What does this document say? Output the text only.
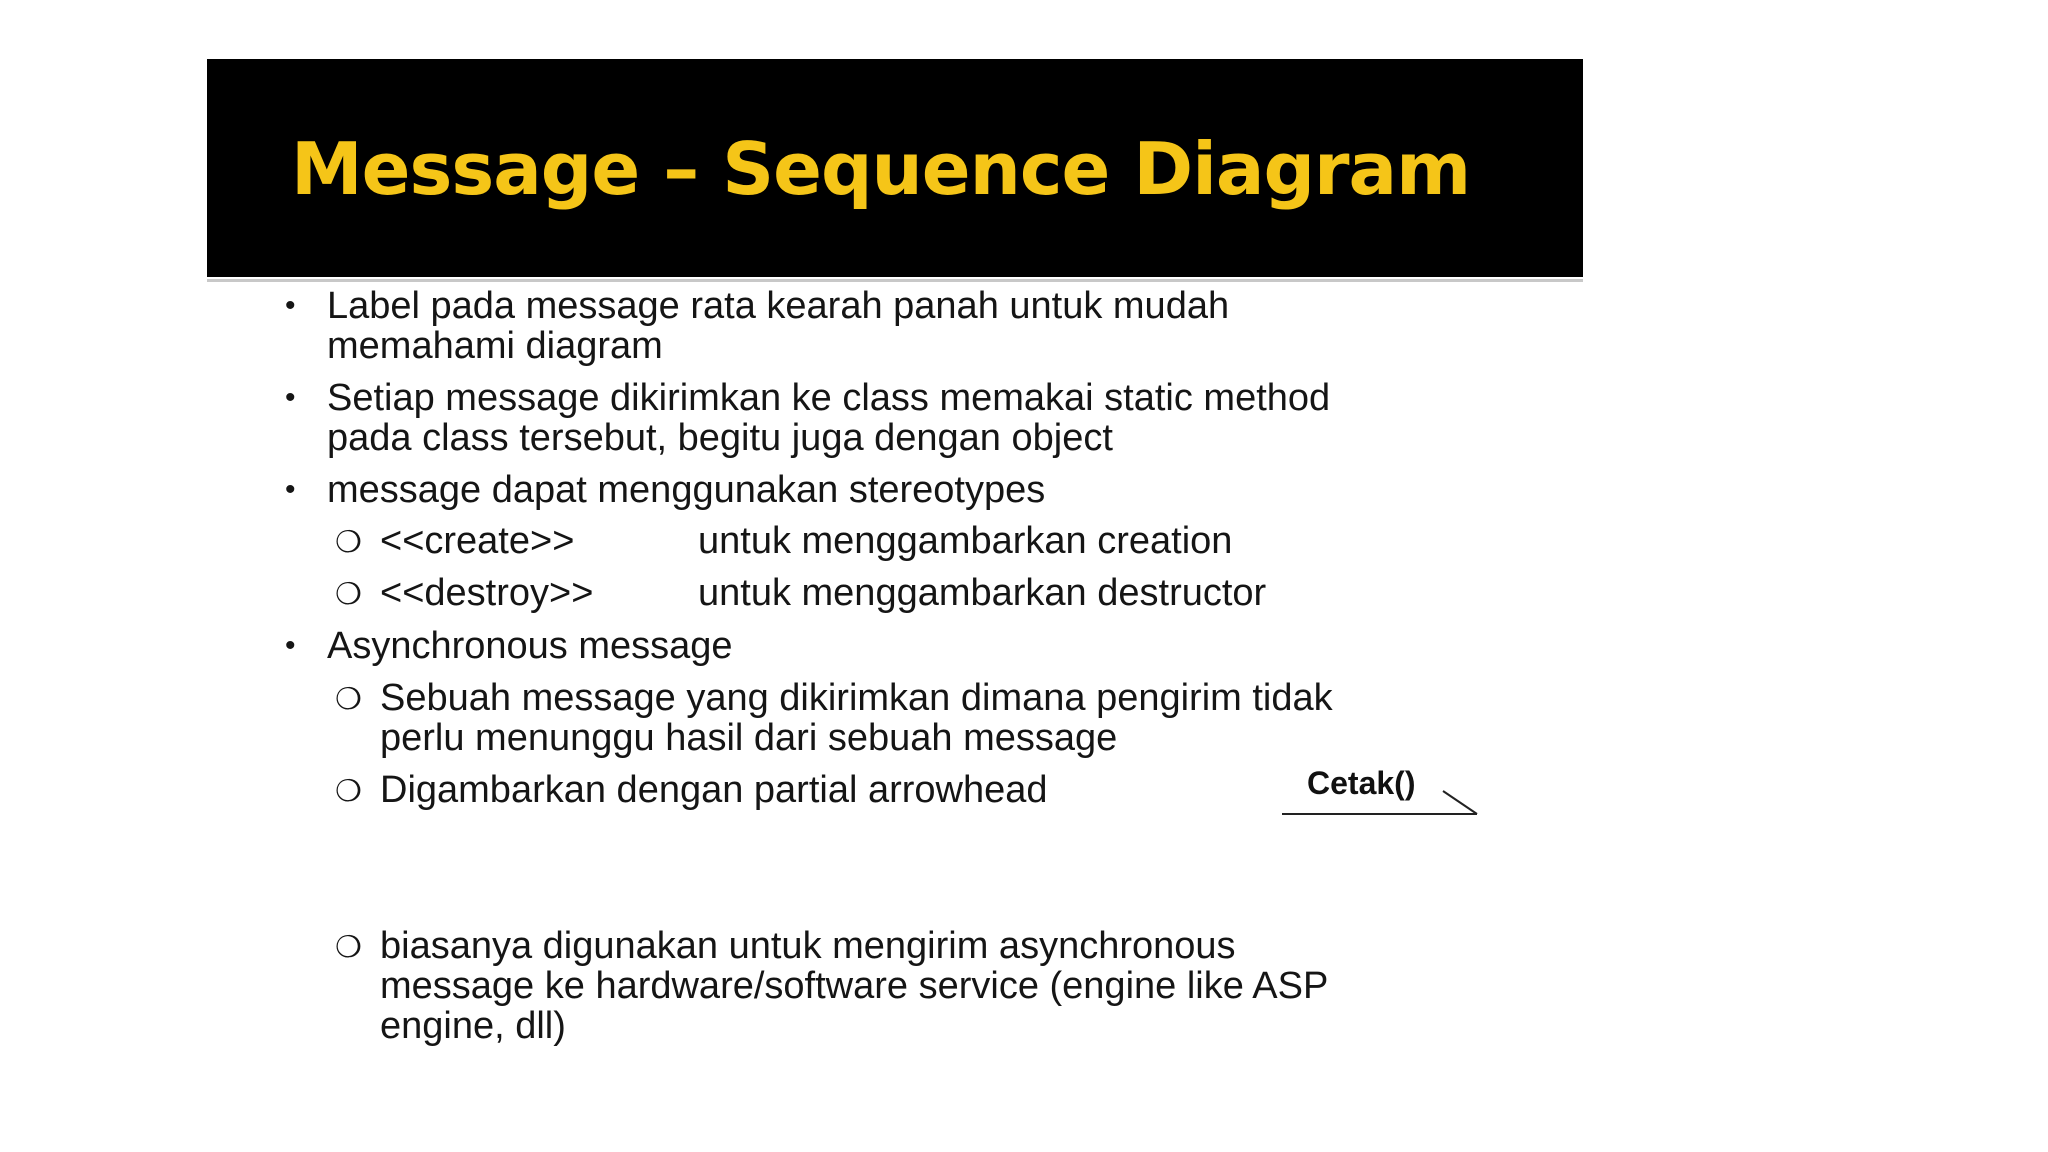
Message – Sequence Diagram
• Label pada message rata kearah panah untuk mudah
memahami diagram
• Setiap message dikirimkan ke class memakai static method
pada class tersebut, begitu juga dengan object
• message dapat menggunakan stereotypes
❍ <<create>>	untuk menggambarkan creation
❍ <<destroy>>	untuk menggambarkan destructor
• Asynchronous message
❍ Sebuah message yang dikirimkan dimana pengirim tidak
perlu menunggu hasil dari sebuah message
❍ Digambarkan dengan partial arrowhead	Cetak()
❍ biasanya digunakan untuk mengirim asynchronous
message ke hardware/software service (engine like ASP
engine, dll)
